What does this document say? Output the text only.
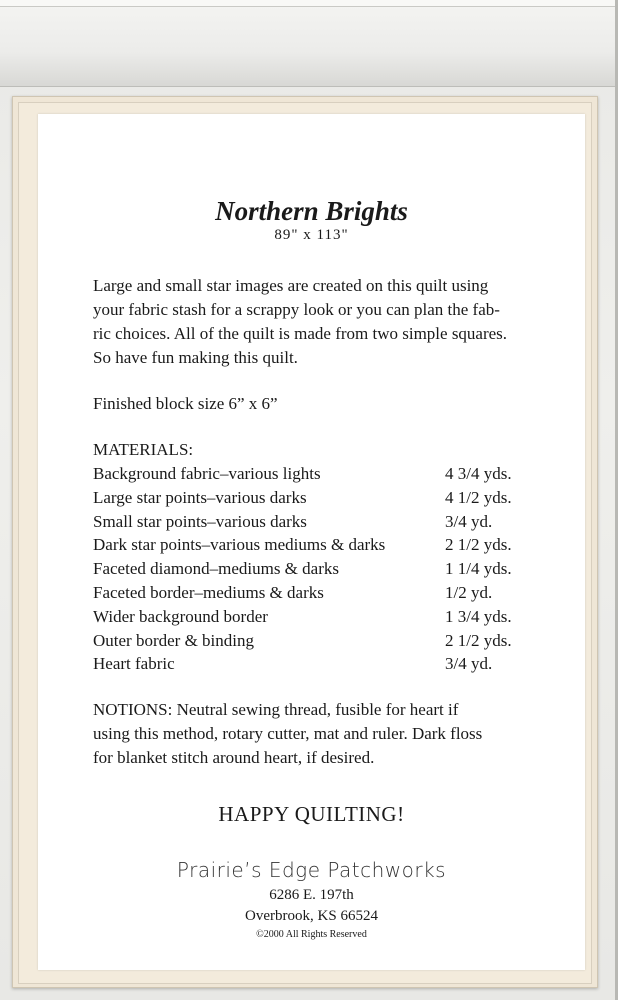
Northern Brights
89" x 113"
Large and small star images are created on this quilt using
your fabric stash for a scrappy look or you can plan the fab-
ric choices. All of the quilt is made from two simple squares.
So have fun making this quilt.
Finished block size 6” x 6”
MATERIALS:
Background fabric–various lights	4 3/4 yds.
Large star points–various darks	4 1/2 yds.
Small star points–various darks	3/4 yd.
Dark star points–various mediums & darks	2 1/2 yds.
Faceted diamond–mediums & darks	1 1/4 yds.
Faceted border–mediums & darks	1/2 yd.
Wider background border	1 3/4 yds.
Outer border & binding	2 1/2 yds.
Heart fabric	3/4 yd.
NOTIONS: Neutral sewing thread, fusible for heart if
using this method, rotary cutter, mat and ruler. Dark floss
for blanket stitch around heart, if desired.
HAPPY QUILTING!
Prairie’s Edge Patchworks
6286 E. 197th
Overbrook, KS 66524
©2000 All Rights Reserved
